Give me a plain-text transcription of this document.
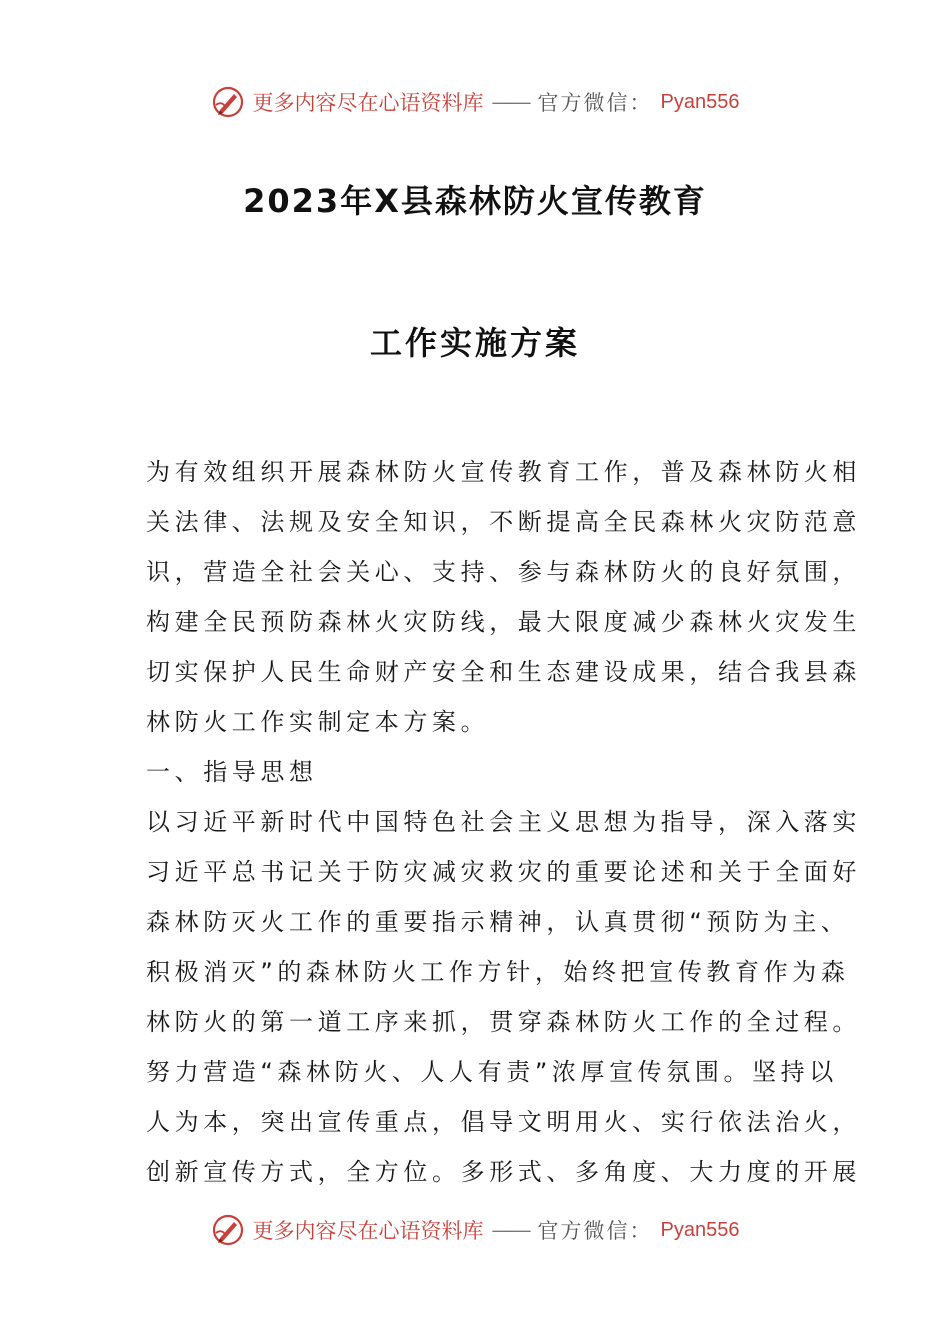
更多内容尽在心语资料库 —— 官方微信： Pyan556
2023年X县森林防火宣传教育
工作实施方案
为有效组织开展森林防火宣传教育工作，普及森林防火相
关法律、法规及安全知识，不断提高全民森林火灾防范意
识，营造全社会关心、支持、参与森林防火的良好氛围，
构建全民预防森林火灾防线，最大限度减少森林火灾发生
切实保护人民生命财产安全和生态建设成果，结合我县森
林防火工作实制定本方案。
一、指导思想
以习近平新时代中国特色社会主义思想为指导，深入落实
习近平总书记关于防灾减灾救灾的重要论述和关于全面好
森林防灭火工作的重要指示精神，认真贯彻“预防为主、
积极消灭”的森林防火工作方针，始终把宣传教育作为森
林防火的第一道工序来抓，贯穿森林防火工作的全过程。
努力营造“森林防火、人人有责”浓厚宣传氛围。坚持以
人为本，突出宣传重点，倡导文明用火、实行依法治火，
创新宣传方式，全方位。多形式、多角度、大力度的开展
更多内容尽在心语资料库 —— 官方微信： Pyan556
